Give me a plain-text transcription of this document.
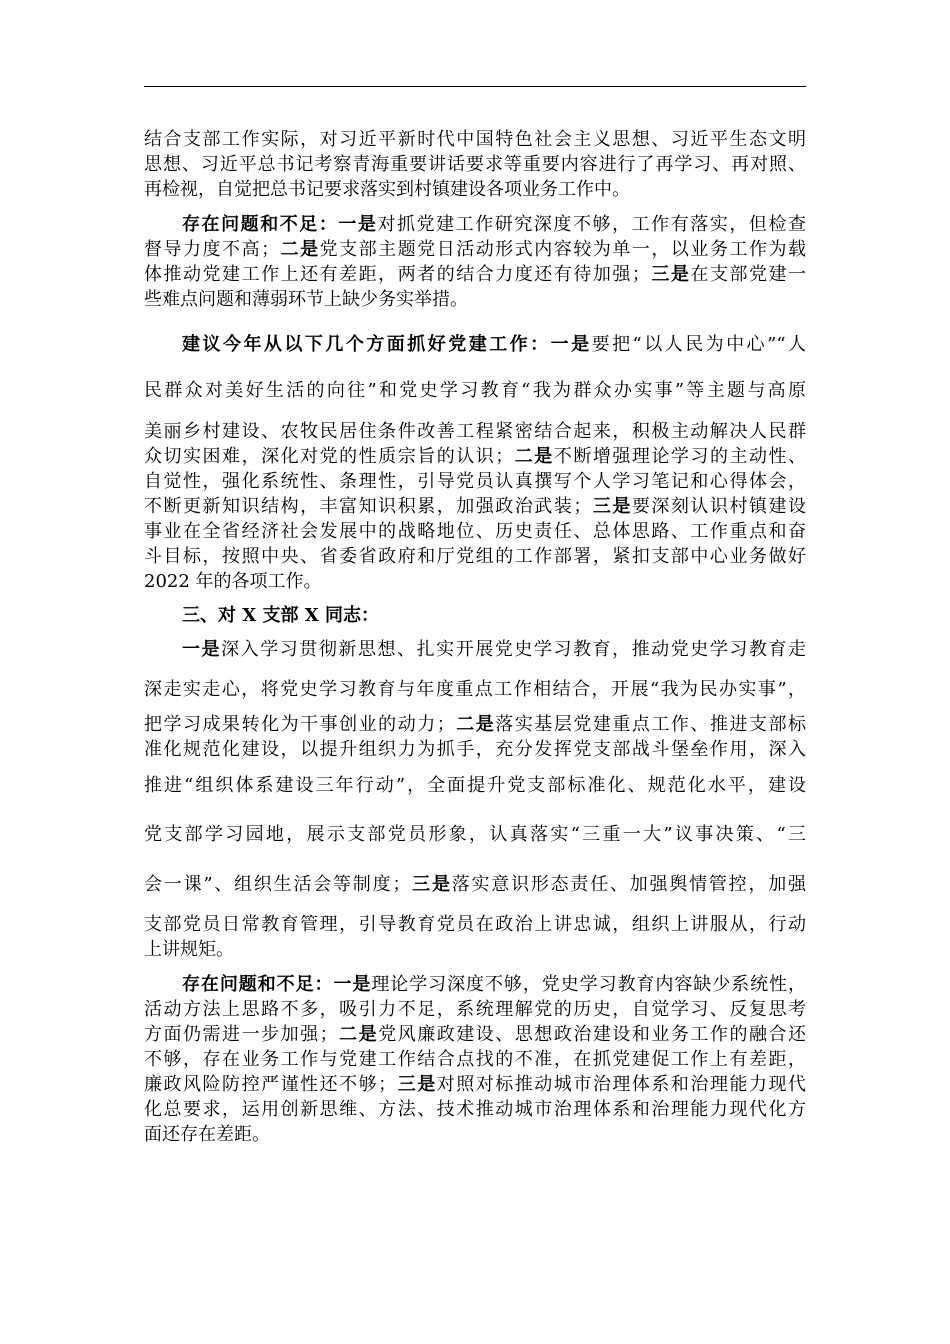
结合支部工作实际，对习近平新时代中国特色社会主义思想、习近平生态文明
思想、习近平总书记考察青海重要讲话要求等重要内容进行了再学习、再对照、
再检视，自觉把总书记要求落实到村镇建设各项业务工作中。
存在问题和不足：一是对抓党建工作研究深度不够，工作有落实，但检查
督导力度不高；二是党支部主题党日活动形式内容较为单一，以业务工作为载
体推动党建工作上还有差距，两者的结合力度还有待加强；三是在支部党建一
些难点问题和薄弱环节上缺少务实举措。
建议今年从以下几个方面抓好党建工作：一是要把“以人民为中心”“人
民群众对美好生活的向往”和党史学习教育“我为群众办实事”等主题与高原
美丽乡村建设、农牧民居住条件改善工程紧密结合起来，积极主动解决人民群
众切实困难，深化对党的性质宗旨的认识；二是不断增强理论学习的主动性、
自觉性，强化系统性、条理性，引导党员认真撰写个人学习笔记和心得体会，
不断更新知识结构，丰富知识积累，加强政治武装；三是要深刻认识村镇建设
事业在全省经济社会发展中的战略地位、历史责任、总体思路、工作重点和奋
斗目标，按照中央、省委省政府和厅党组的工作部署，紧扣支部中心业务做好
2022 年的各项工作。
三、对 X 支部 X 同志：
一是深入学习贯彻新思想、扎实开展党史学习教育，推动党史学习教育走
深走实走心，将党史学习教育与年度重点工作相结合，开展“我为民办实事”，
把学习成果转化为干事创业的动力；二是落实基层党建重点工作、推进支部标
准化规范化建设，以提升组织力为抓手，充分发挥党支部战斗堡垒作用，深入
推进“组织体系建设三年行动”，全面提升党支部标准化、规范化水平，建设
党支部学习园地，展示支部党员形象，认真落实“三重一大”议事决策、“三
会一课”、组织生活会等制度；三是落实意识形态责任、加强舆情管控，加强
支部党员日常教育管理，引导教育党员在政治上讲忠诚，组织上讲服从，行动
上讲规矩。
存在问题和不足：一是理论学习深度不够，党史学习教育内容缺少系统性，
活动方法上思路不多，吸引力不足，系统理解党的历史，自觉学习、反复思考
方面仍需进一步加强；二是党风廉政建设、思想政治建设和业务工作的融合还
不够，存在业务工作与党建工作结合点找的不准，在抓党建促工作上有差距，
廉政风险防控严谨性还不够；三是对照对标推动城市治理体系和治理能力现代
化总要求，运用创新思维、方法、技术推动城市治理体系和治理能力现代化方
面还存在差距。
